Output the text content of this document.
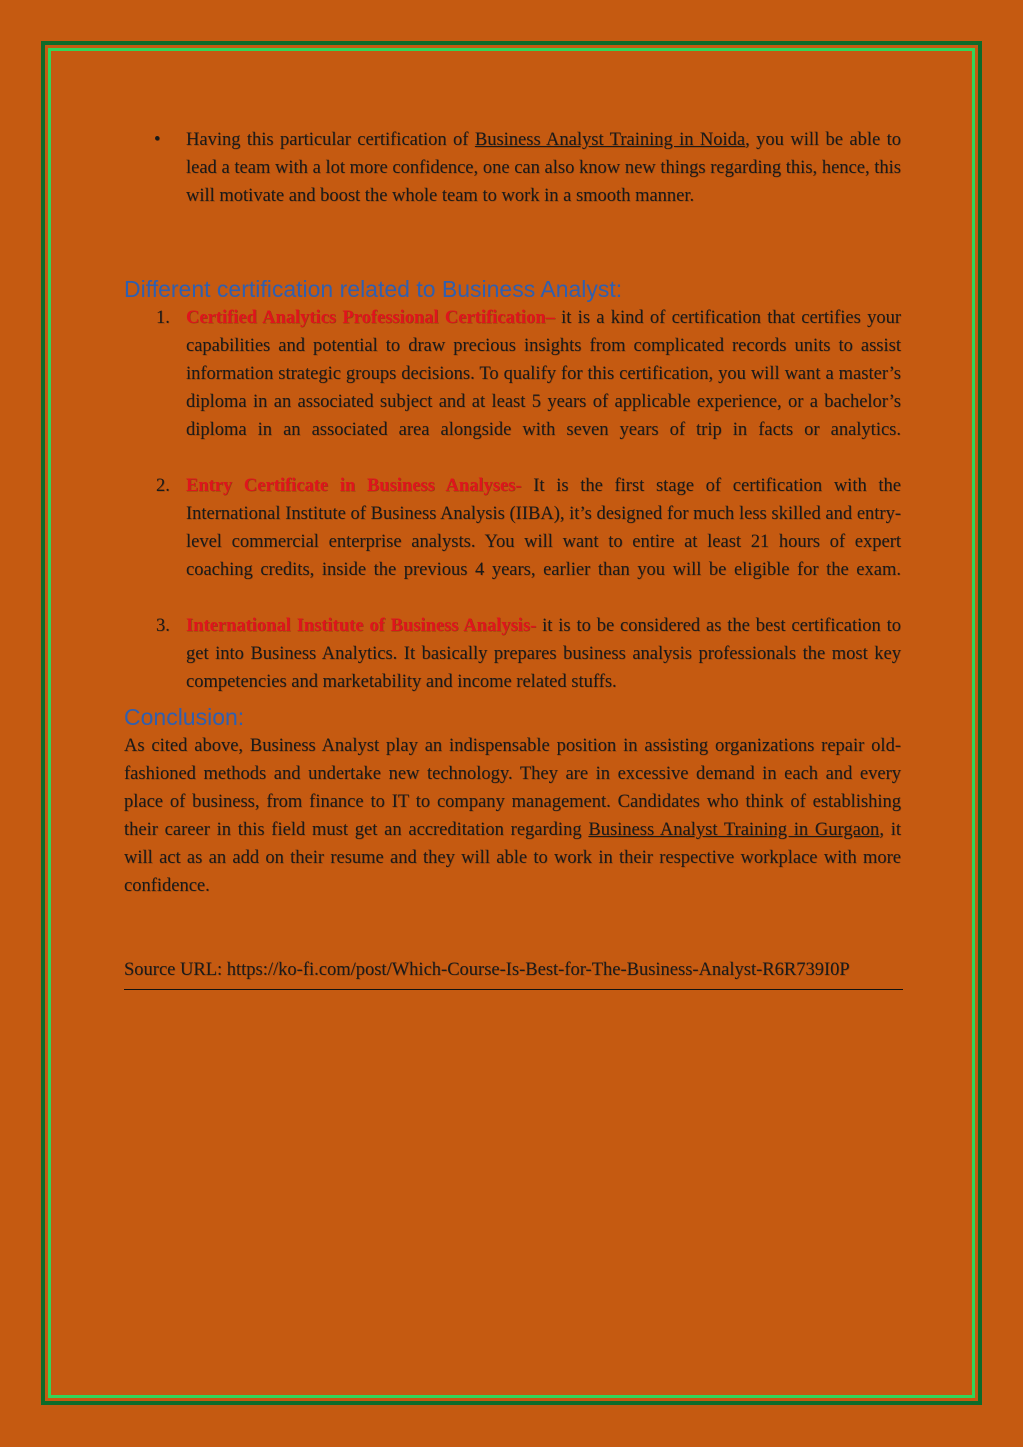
• Having this particular certification of Business Analyst Training in Noida, you will be able to lead a team with a lot more confidence, one can also know new things regarding this, hence, this will motivate and boost the whole team to work in a smooth manner.
Different certification related to Business Analyst:
1. Certified Analytics Professional Certification– it is a kind of certification that certifies your capabilities and potential to draw precious insights from complicated records units to assist information strategic groups decisions. To qualify for this certification, you will want a master’s diploma in an associated subject and at least 5 years of applicable experience, or a bachelor’s diploma in an associated area alongside with seven years of trip in facts or analytics.
2. Entry Certificate in Business Analyses- It is the first stage of certification with the International Institute of Business Analysis (IIBA), it’s designed for much less skilled and entry-level commercial enterprise analysts. You will want to entire at least 21 hours of expert coaching credits, inside the previous 4 years, earlier than you will be eligible for the exam.
3. International Institute of Business Analysis- it is to be considered as the best certification to get into Business Analytics. It basically prepares business analysis professionals the most key competencies and marketability and income related stuffs.
Conclusion:
As cited above, Business Analyst play an indispensable position in assisting organizations repair old-fashioned methods and undertake new technology. They are in excessive demand in each and every place of business, from finance to IT to company management. Candidates who think of establishing their career in this field must get an accreditation regarding Business Analyst Training in Gurgaon, it will act as an add on their resume and they will able to work in their respective workplace with more confidence.
Source URL: https://ko-fi.com/post/Which-Course-Is-Best-for-The-Business-Analyst-R6R739I0P
